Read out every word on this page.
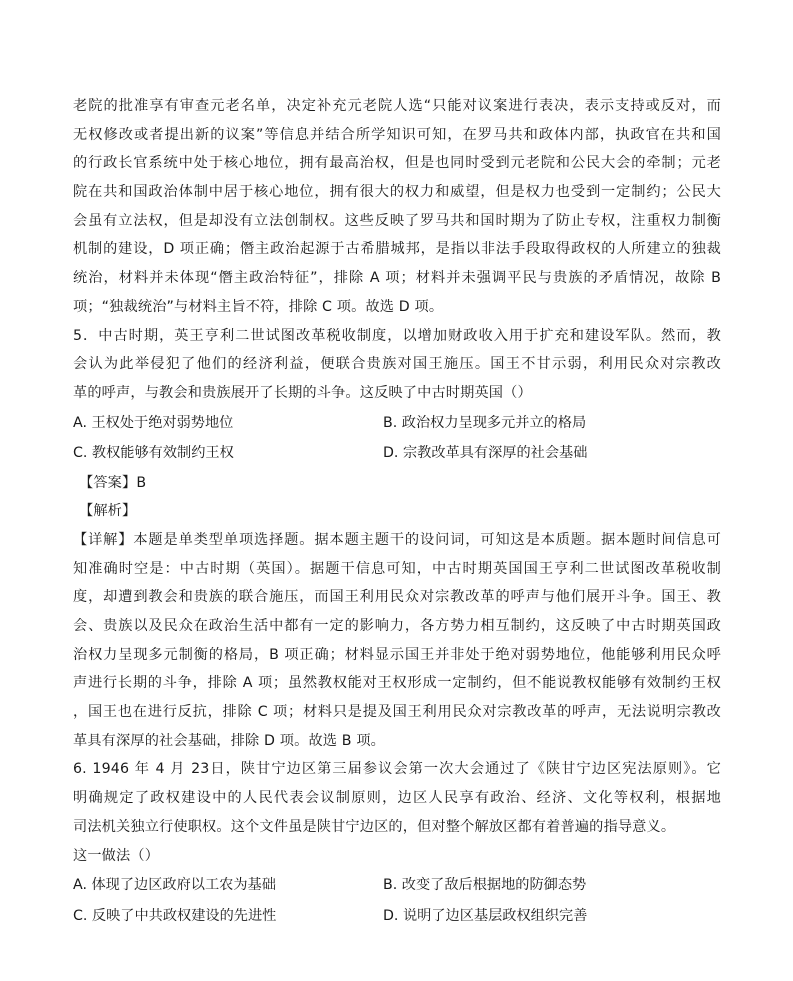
老院的批准享有审查元老名单，决定补充元老院人选“只能对议案进行表决，表示支持或反对，而
无权修改或者提出新的议案”等信息并结合所学知识可知，在罗马共和政体内部，执政官在共和国
的行政长官系统中处于核心地位，拥有最高治权，但是也同时受到元老院和公民大会的牵制；元老
院在共和国政治体制中居于核心地位，拥有很大的权力和威望，但是权力也受到一定制约；公民大
会虽有立法权，但是却没有立法创制权。这些反映了罗马共和国时期为了防止专权，注重权力制衡
机制的建设，D 项正确；僭主政治起源于古希腊城邦，是指以非法手段取得政权的人所建立的独裁
统治，材料并未体现“僭主政治特征”，排除 A 项；材料并未强调平民与贵族的矛盾情况，故除 B
项；“独裁统治”与材料主旨不符，排除 C 项。故选 D 项。
5．中古时期，英王亨利二世试图改革税收制度，以增加财政收入用于扩充和建设军队。然而，教
会认为此举侵犯了他们的经济利益，便联合贵族对国王施压。国王不甘示弱，利用民众对宗教改
革的呼声，与教会和贵族展开了长期的斗争。这反映了中古时期英国（）
A. 王权处于绝对弱势地位	B. 政治权力呈现多元并立的格局
C. 教权能够有效制约王权	D. 宗教改革具有深厚的社会基础
【答案】B
【解析】
【详解】本题是单类型单项选择题。据本题主题干的设问词，可知这是本质题。据本题时间信息可
知准确时空是：中古时期（英国）。据题干信息可知，中古时期英国国王亨利二世试图改革税收制
度，却遭到教会和贵族的联合施压，而国王利用民众对宗教改革的呼声与他们展开斗争。国王、教
会、贵族以及民众在政治生活中都有一定的影响力，各方势力相互制约，这反映了中古时期英国政
治权力呈现多元制衡的格局，B 项正确；材料显示国王并非处于绝对弱势地位，他能够利用民众呼
声进行长期的斗争，排除 A 项；虽然教权能对王权形成一定制约，但不能说教权能够有效制约王权
，国王也在进行反抗，排除 C 项；材料只是提及国王利用民众对宗教改革的呼声，无法说明宗教改
革具有深厚的社会基础，排除 D 项。故选 B 项。
6. 1946 年 4 月 23日，陕甘宁边区第三届参议会第一次大会通过了《陕甘宁边区宪法原则》。它
明确规定了政权建设中的人民代表会议制原则，边区人民享有政治、经济、文化等权利，根据地
司法机关独立行使职权。这个文件虽是陕甘宁边区的，但对整个解放区都有着普遍的指导意义。
这一做法（）
A. 体现了边区政府以工农为基础	B. 改变了敌后根据地的防御态势
C. 反映了中共政权建设的先进性	D. 说明了边区基层政权组织完善
